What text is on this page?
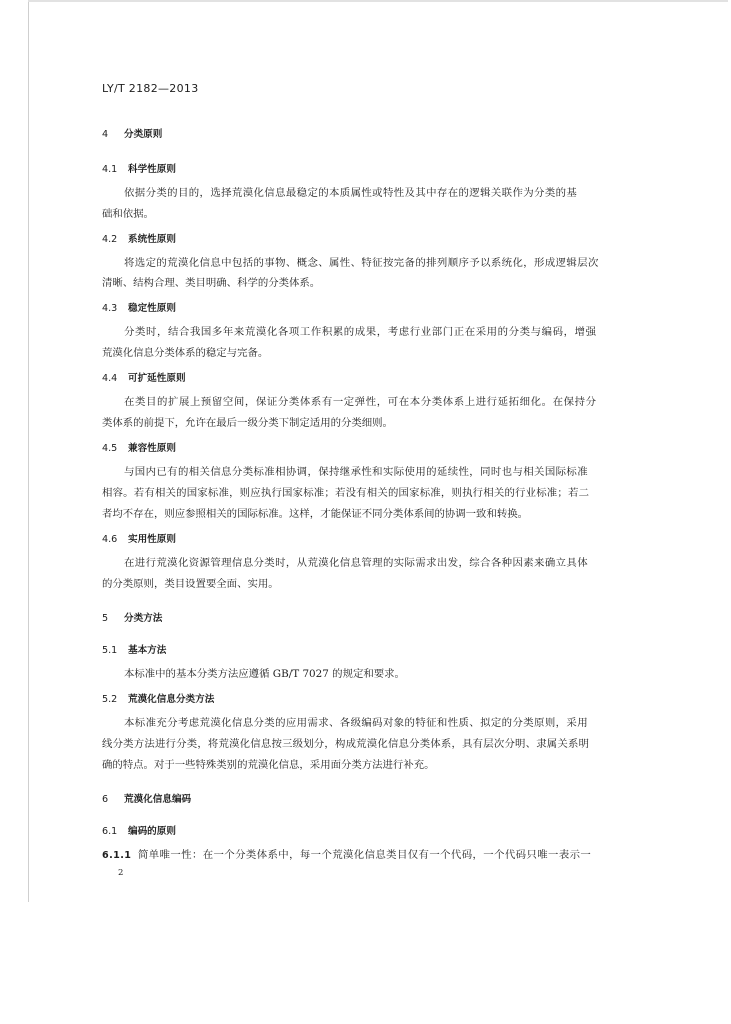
LY/T 2182—2013
4 分类原则
4.1 科学性原则
依据分类的目的，选择荒漠化信息最稳定的本质属性或特性及其中存在的逻辑关联作为分类的基
础和依据。
4.2 系统性原则
将选定的荒漠化信息中包括的事物、概念、属性、特征按完备的排列顺序予以系统化，形成逻辑层次
清晰、结构合理、类目明确、科学的分类体系。
4.3 稳定性原则
分类时，结合我国多年来荒漠化各项工作积累的成果，考虑行业部门正在采用的分类与编码，增强
荒漠化信息分类体系的稳定与完备。
4.4 可扩延性原则
在类目的扩展上预留空间，保证分类体系有一定弹性，可在本分类体系上进行延拓细化。在保持分
类体系的前提下，允许在最后一级分类下制定适用的分类细则。
4.5 兼容性原则
与国内已有的相关信息分类标准相协调，保持继承性和实际使用的延续性，同时也与相关国际标准
相容。若有相关的国家标准，则应执行国家标准；若没有相关的国家标准，则执行相关的行业标准；若二
者均不存在，则应参照相关的国际标准。这样，才能保证不同分类体系间的协调一致和转换。
4.6 实用性原则
在进行荒漠化资源管理信息分类时，从荒漠化信息管理的实际需求出发，综合各种因素来确立具体
的分类原则，类目设置要全面、实用。
5 分类方法
5.1 基本方法
本标准中的基本分类方法应遵循 GB/T 7027 的规定和要求。
5.2 荒漠化信息分类方法
本标准充分考虑荒漠化信息分类的应用需求、各级编码对象的特征和性质、拟定的分类原则，采用
线分类方法进行分类，将荒漠化信息按三级划分，构成荒漠化信息分类体系，具有层次分明、隶属关系明
确的特点。对于一些特殊类别的荒漠化信息，采用面分类方法进行补充。
6 荒漠化信息编码
6.1 编码的原则
6.1.1 简单唯一性：在一个分类体系中，每一个荒漠化信息类目仅有一个代码，一个代码只唯一表示一
2
